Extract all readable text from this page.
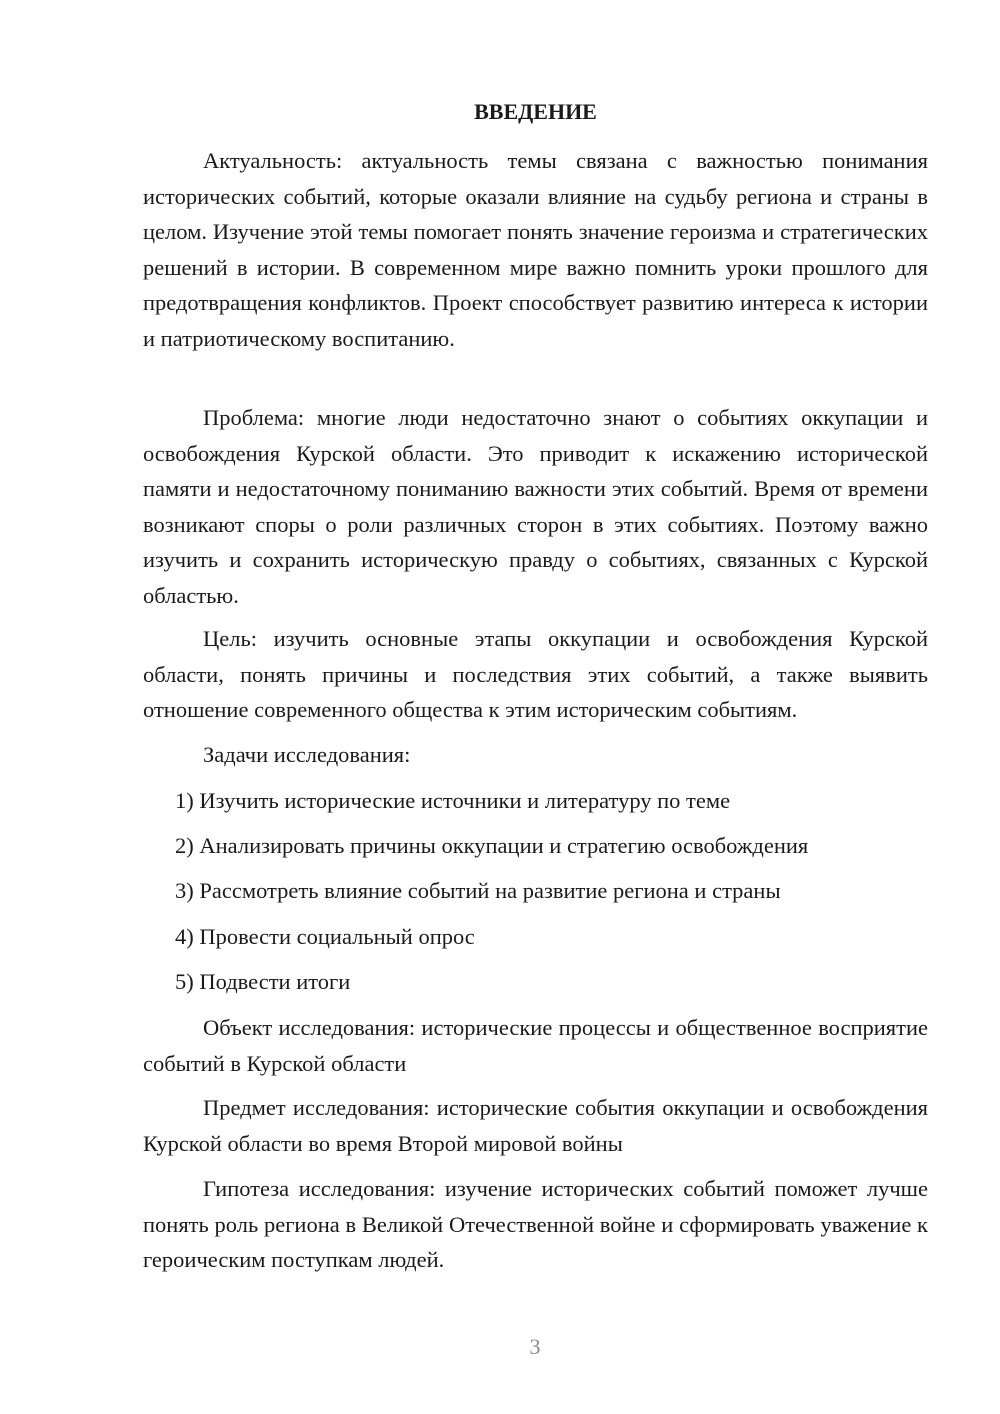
ВВЕДЕНИЕ

Актуальность: актуальность темы связана с важностью понимания исторических событий, которые оказали влияние на судьбу региона и страны в целом. Изучение этой темы помогает понять значение героизма и стратегических решений в истории. В современном мире важно помнить уроки прошлого для предотвращения конфликтов. Проект способствует развитию интереса к истории и патриотическому воспитанию.

Проблема: многие люди недостаточно знают о событиях оккупации и освобождения Курской области. Это приводит к искажению исторической памяти и недостаточному пониманию важности этих событий. Время от времени возникают споры о роли различных сторон в этих событиях. Поэтому важно изучить и сохранить историческую правду о событиях, связанных с Курской областью.

Цель: изучить основные этапы оккупации и освобождения Курской области, понять причины и последствия этих событий, а также выявить отношение современного общества к этим историческим событиям.

Задачи исследования:

1) Изучить исторические источники и литературу по теме

2) Анализировать причины оккупации и стратегию освобождения

3) Рассмотреть влияние событий на развитие региона и страны

4) Провести социальный опрос

5) Подвести итоги

Объект исследования: исторические процессы и общественное восприятие событий в Курской области

Предмет исследования: исторические события оккупации и освобождения Курской области во время Второй мировой войны

Гипотеза исследования: изучение исторических событий поможет лучше понять роль региона в Великой Отечественной войне и сформировать уважение к героическим поступкам людей.

3
